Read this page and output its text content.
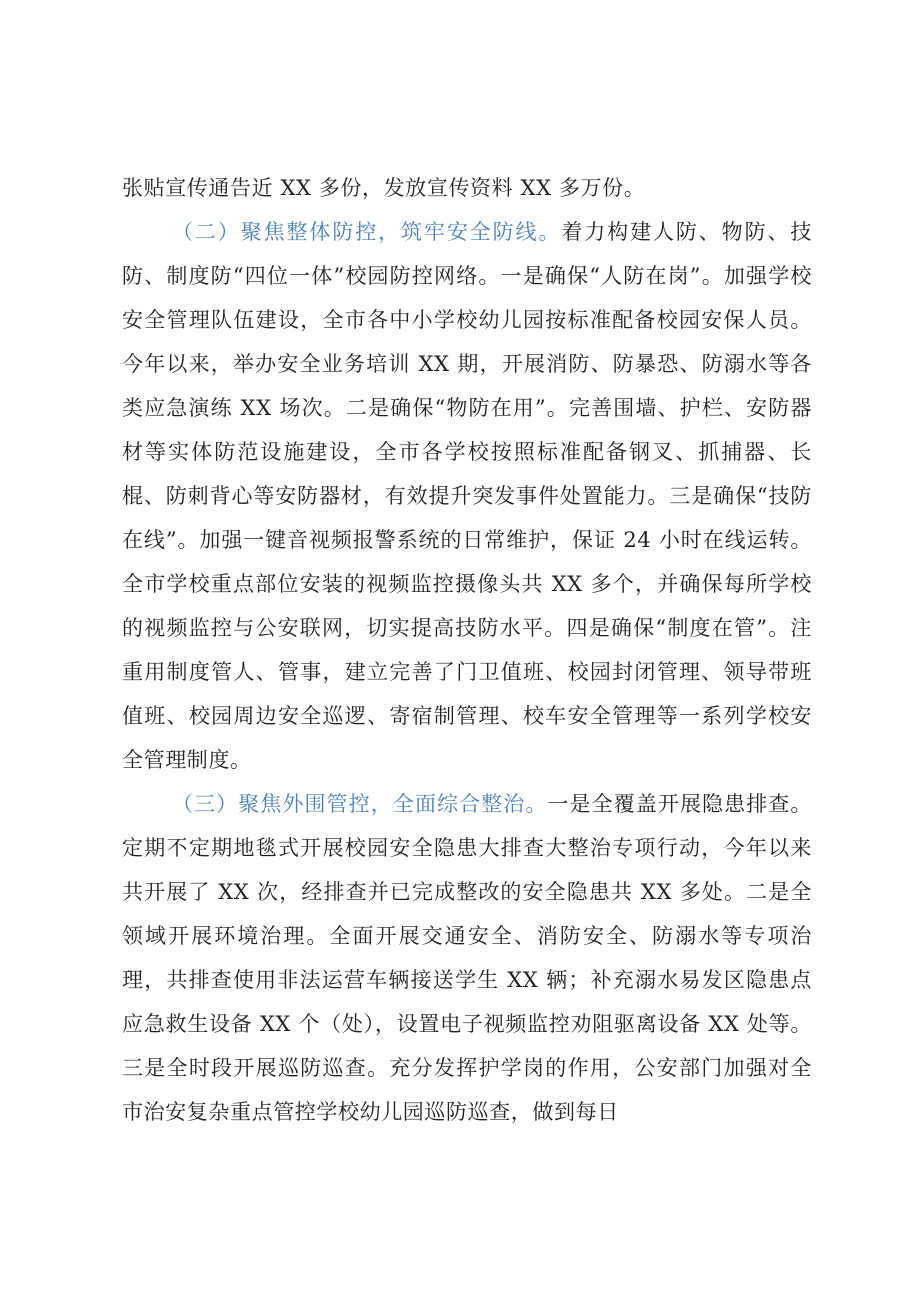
张贴宣传通告近 XX 多份，发放宣传资料 XX 多万份。

（二）聚焦整体防控，筑牢安全防线。着力构建人防、物防、技防、制度防“四位一体”校园防控网络。一是确保“人防在岗”。加强学校安全管理队伍建设，全市各中小学校幼儿园按标准配备校园安保人员。今年以来，举办安全业务培训 XX 期，开展消防、防暴恐、防溺水等各类应急演练 XX 场次。二是确保“物防在用”。完善围墙、护栏、安防器材等实体防范设施建设，全市各学校按照标准配备钢叉、抓捕器、长棍、防刺背心等安防器材，有效提升突发事件处置能力。三是确保“技防在线”。加强一键音视频报警系统的日常维护，保证 24 小时在线运转。全市学校重点部位安装的视频监控摄像头共 XX 多个，并确保每所学校的视频监控与公安联网，切实提高技防水平。四是确保“制度在管”。注重用制度管人、管事，建立完善了门卫值班、校园封闭管理、领导带班值班、校园周边安全巡逻、寄宿制管理、校车安全管理等一系列学校安全管理制度。

（三）聚焦外围管控，全面综合整治。一是全覆盖开展隐患排查。定期不定期地毯式开展校园安全隐患大排查大整治专项行动，今年以来共开展了 XX 次，经排查并已完成整改的安全隐患共 XX 多处。二是全领域开展环境治理。全面开展交通安全、消防安全、防溺水等专项治理，共排查使用非法运营车辆接送学生 XX 辆；补充溺水易发区隐患点应急救生设备 XX 个（处），设置电子视频监控劝阻驱离设备 XX 处等。三是全时段开展巡防巡查。充分发挥护学岗的作用，公安部门加强对全市治安复杂重点管控学校幼儿园巡防巡查，做到每日
